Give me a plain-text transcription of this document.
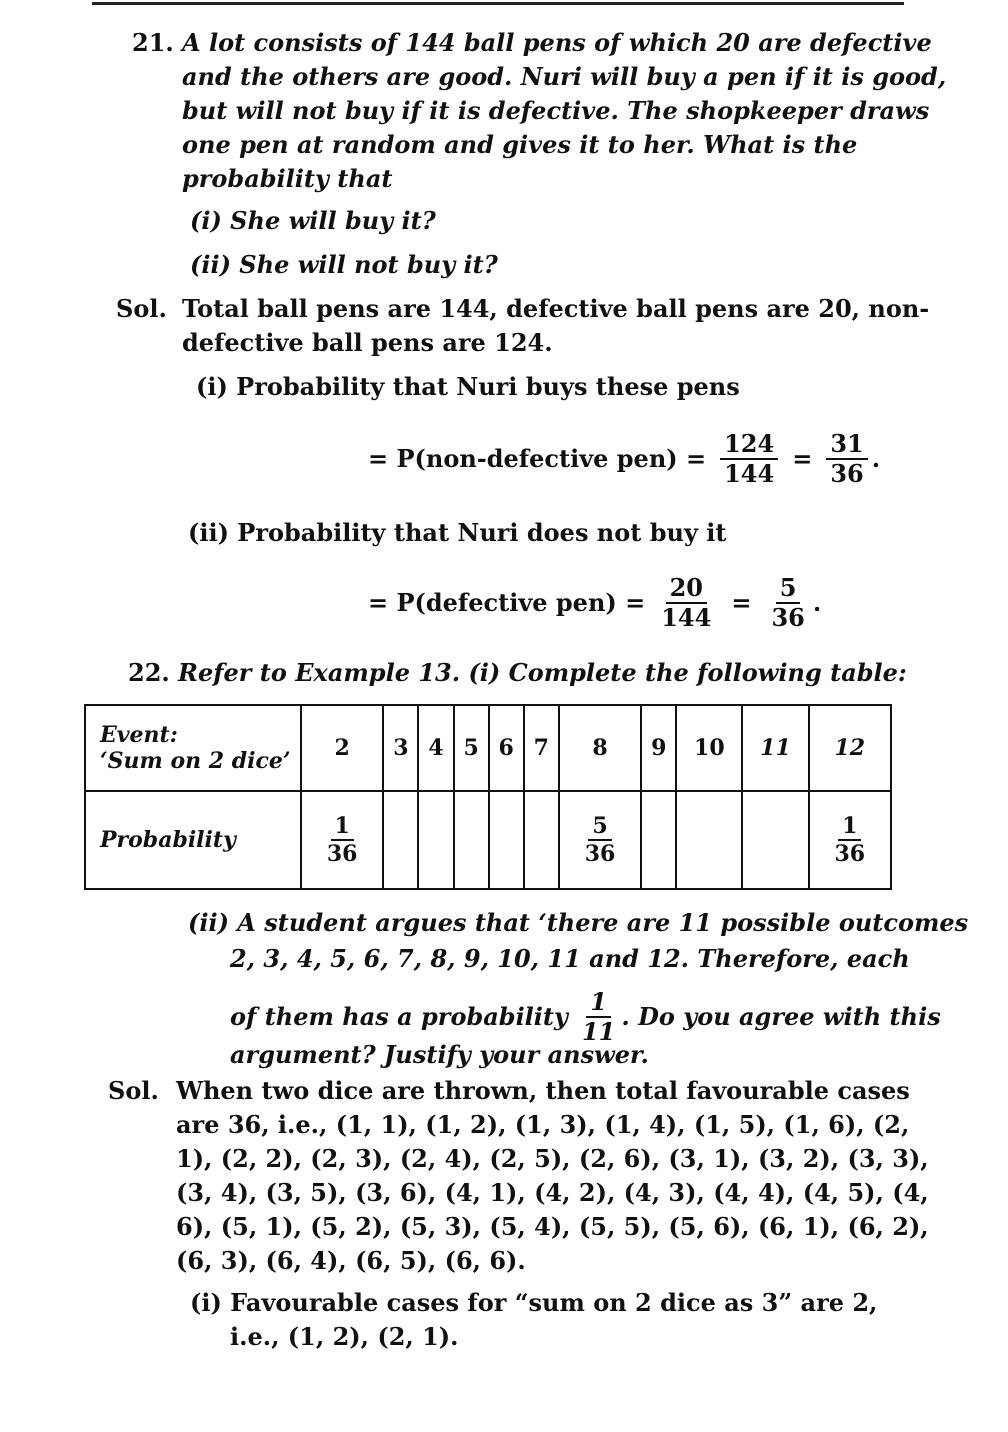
21. A lot consists of 144 ball pens of which 20 are defective
and the others are good. Nuri will buy a pen if it is good,
but will not buy if it is defective. The shopkeeper draws
one pen at random and gives it to her. What is the
probability that
(i) She will buy it?
(ii) She will not buy it?
Sol. Total ball pens are 144, defective ball pens are 20, non-
defective ball pens are 124.
(i) Probability that Nuri buys these pens
= P(non-defective $pen) = \frac{124}{144} = \frac{31}{36}$ .
(ii) Probability that Nuri does not buy it
= P(defective $pen) = \frac{20}{144} = \frac{5}{36}$ .
22. Refer to Example 13. (i) Complete the following table:
Event:
‘Sum on 2 dice’	2	3	4	5	6	7	8	9	10	11	12
Probability	$\frac{1}{36}$						$\frac{5}{36}$				$\frac{1}{36}$
(ii) A student argues that ‘there are 11 possible outcomes
2, 3, 4, 5, 6, 7, 8, 9, 10, 11 and 12. Therefore, each
of them has a probability $\frac{1}{11}$ . Do you agree with this
argument? Justify your answer.
Sol. When two dice are thrown, then total favourable cases
are 36, i.e., (1, 1), (1, 2), (1, 3), (1, 4), (1, 5), (1, 6), (2,
1), (2, 2), (2, 3), (2, 4), (2, 5), (2, 6), (3, 1), (3, 2), (3, 3),
(3, 4), (3, 5), (3, 6), (4, 1), (4, 2), (4, 3), (4, 4), (4, 5), (4,
6), (5, 1), (5, 2), (5, 3), (5, 4), (5, 5), (5, 6), (6, 1), (6, 2),
(6, 3), (6, 4), (6, 5), (6, 6).
(i) Favourable cases for “sum on 2 dice as 3” are 2,
i.e., (1, 2), (2, 1).
